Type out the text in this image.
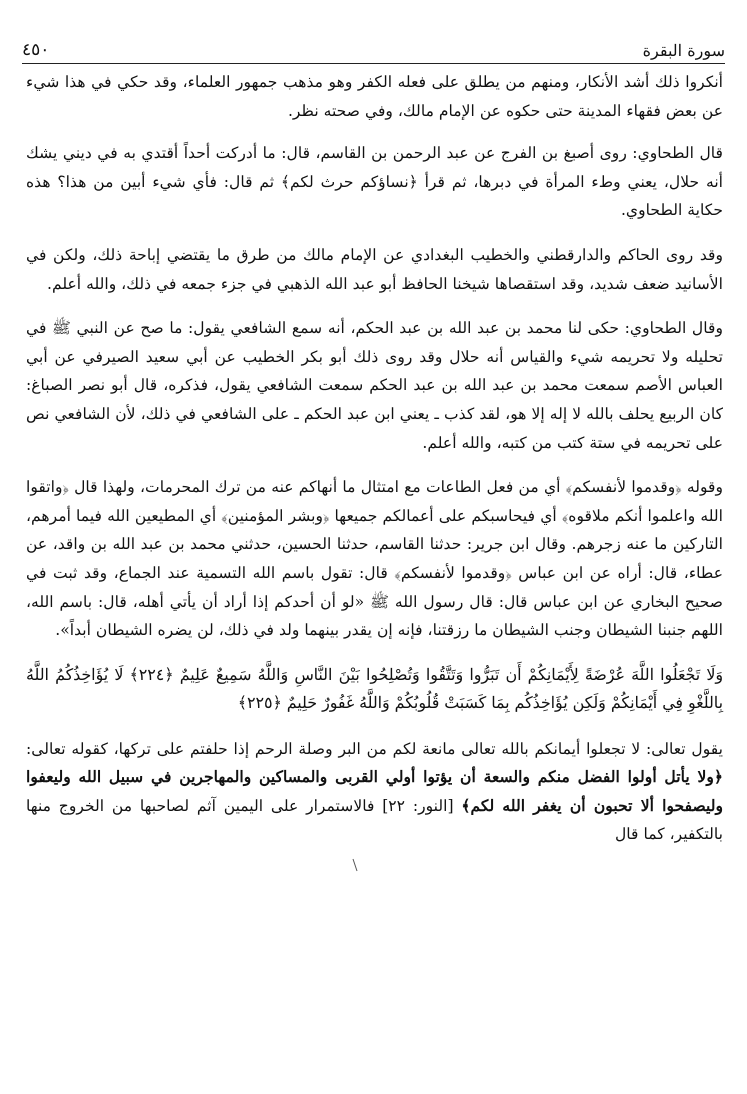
سورة البقرة
٤٥٠

أنكروا ذلك أشد الأنكار، ومنهم من يطلق على فعله الكفر وهو مذهب جمهور العلماء، وقد حكي في هذا شيء عن بعض فقهاء المدينة حتى حكوه عن الإمام مالك، وفي صحته نظر.

قال الطحاوي: روى أصبغ بن الفرج عن عبد الرحمن بن القاسم، قال: ما أدركت أحداً أقتدي به في ديني يشك أنه حلال، يعني وطء المرأة في دبرها، ثم قرأ ﴿نساؤكم حرث لكم﴾ ثم قال: فأي شيء أبين من هذا؟ هذه حكاية الطحاوي.

وقد روى الحاكم والدارقطني والخطيب البغدادي عن الإمام مالك من طرق ما يقتضي إباحة ذلك، ولكن في الأسانيد ضعف شديد، وقد استقصاها شيخنا الحافظ أبو عبد الله الذهبي في جزء جمعه في ذلك، والله أعلم.

وقال الطحاوي: حكى لنا محمد بن عبد الله بن عبد الحكم، أنه سمع الشافعي يقول: ما صح عن النبي ﷺ في تحليله ولا تحريمه شيء والقياس أنه حلال وقد روى ذلك أبو بكر الخطيب عن أبي سعيد الصيرفي عن أبي العباس الأصم سمعت محمد بن عبد الله بن عبد الحكم سمعت الشافعي يقول، فذكره، قال أبو نصر الصباغ: كان الربيع يحلف بالله لا إله إلا هو، لقد كذب ـ يعني ابن عبد الحكم ـ على الشافعي في ذلك، لأن الشافعي نص على تحريمه في ستة كتب من كتبه، والله أعلم.

وقوله ﴿وقدموا لأنفسكم﴾ أي من فعل الطاعات مع امتثال ما أنهاكم عنه من ترك المحرمات، ولهذا قال ﴿واتقوا الله واعلموا أنكم ملاقوه﴾ أي فيحاسبكم على أعمالكم جميعها ﴿وبشر المؤمنين﴾ أي المطيعين الله فيما أمرهم، التاركين ما عنه زجرهم. وقال ابن جرير: حدثنا القاسم، حدثنا الحسين، حدثني محمد بن عبد الله بن واقد، عن عطاء، قال: أراه عن ابن عباس ﴿وقدموا لأنفسكم﴾ قال: تقول باسم الله التسمية عند الجماع، وقد ثبت في صحيح البخاري عن ابن عباس قال: قال رسول الله ﷺ «لو أن أحدكم إذا أراد أن يأتي أهله، قال: باسم الله، اللهم جنبنا الشيطان وجنب الشيطان ما رزقتنا، فإنه إن يقدر بينهما ولد في ذلك، لن يضره الشيطان أبداً».

وَلَا تَجْعَلُوا اللَّهَ عُرْضَةً لِأَيْمَانِكُمْ أَن تَبَرُّوا وَتَتَّقُوا وَتُصْلِحُوا بَيْنَ النَّاسِ وَاللَّهُ سَمِيعٌ عَلِيمٌ ﴿٢٢٤﴾ لَا يُؤَاخِذُكُمُ اللَّهُ بِاللَّغْوِ فِي أَيْمَانِكُمْ وَلَكِن يُؤَاخِذُكُم بِمَا كَسَبَتْ قُلُوبُكُمْ وَاللَّهُ غَفُورٌ حَلِيمٌ ﴿٢٢٥﴾

يقول تعالى: لا تجعلوا أيمانكم بالله تعالى مانعة لكم من البر وصلة الرحم إذا حلفتم على تركها، كقوله تعالى: ﴿ولا يأتل أولوا الفضل منكم والسعة أن يؤتوا أولي القربى والمساكين والمهاجرين في سبيل الله وليعفوا وليصفحوا ألا تحبون أن يغفر الله لكم﴾ [النور: ٢٢] فالاستمرار على اليمين آثم لصاحبها من الخروج منها بالتكفير، كما قال
